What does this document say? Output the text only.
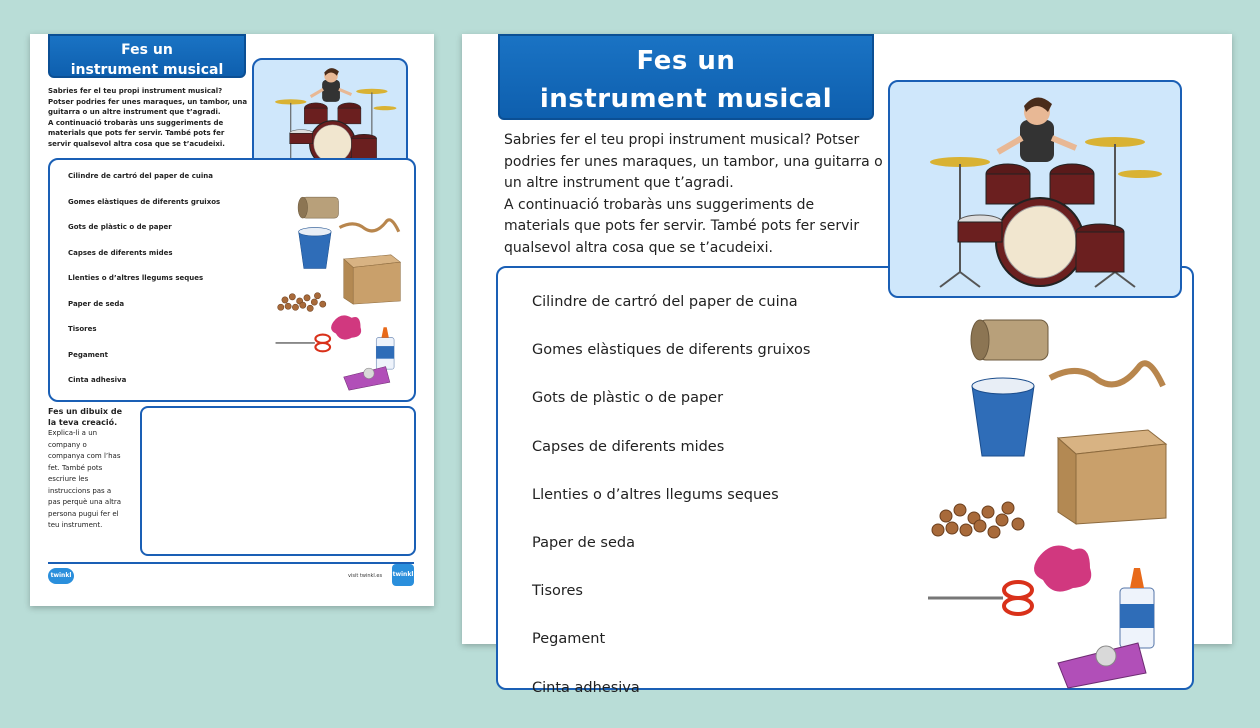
Fes un
instrument musical

Sabries fer el teu propi instrument musical? Potser podries fer unes maraques, un tambor, una guitarra o un altre instrument que t’agradi.

A continuació trobaràs uns suggeriments de materials que pots fer servir. També pots fer servir qualsevol altra cosa que se t’acudeixi.

Cilindre de cartró del paper de cuina
Gomes elàstiques de diferents gruixos
Gots de plàstic o de paper
Capses de diferents mides
Llenties o d’altres llegums seques
Paper de seda
Tisores
Pegament
Cinta adhesiva
Fes un dibuix de la teva creació.
Explica-li a un company o companya com l’has fet. També pots escriure les instruccions pas a pas perquè una altra persona pugui fer el teu instrument.
twinkl	visit twinkl.es twinkl
Fes un
instrument musical

Sabries fer el teu propi instrument musical? Potser podries fer unes maraques, un tambor, una guitarra o un altre instrument que t’agradi.

A continuació trobaràs uns suggeriments de materials que pots fer servir. També pots fer servir qualsevol altra cosa que se t’acudeixi.

Cilindre de cartró del paper de cuina
Gomes elàstiques de diferents gruixos
Gots de plàstic o de paper
Capses de diferents mides
Llenties o d’altres llegums seques
Paper de seda
Tisores
Pegament
Cinta adhesiva
